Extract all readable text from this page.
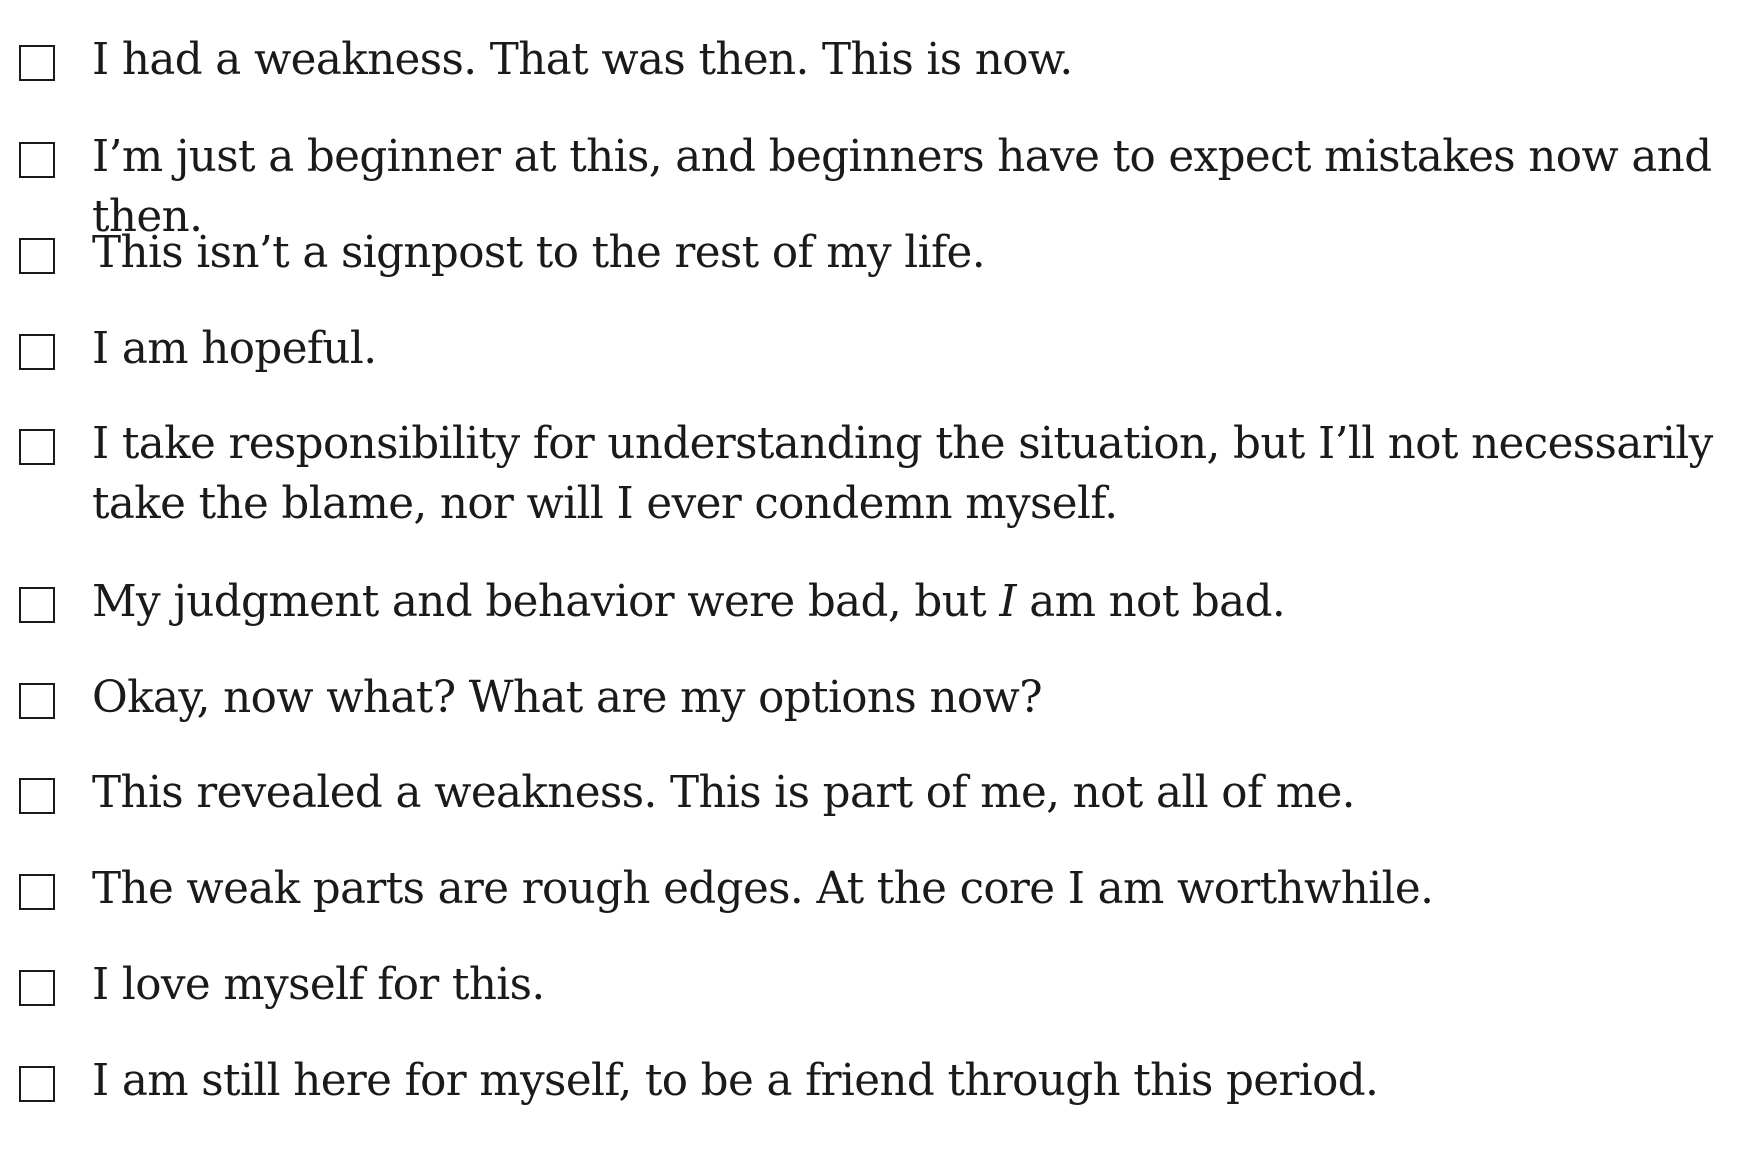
I had a weakness. That was then. This is now.
I’m just a beginner at this, and beginners have to expect mistakes now and then.
This isn’t a signpost to the rest of my life.
I am hopeful.
I take responsibility for understanding the situation, but I’ll not necessarily take the blame, nor will I ever condemn myself.
My judgment and behavior were bad, but I am not bad.
Okay, now what? What are my options now?
This revealed a weakness. This is part of me, not all of me.
The weak parts are rough edges. At the core I am worthwhile.
I love myself for this.
I am still here for myself, to be a friend through this period.
